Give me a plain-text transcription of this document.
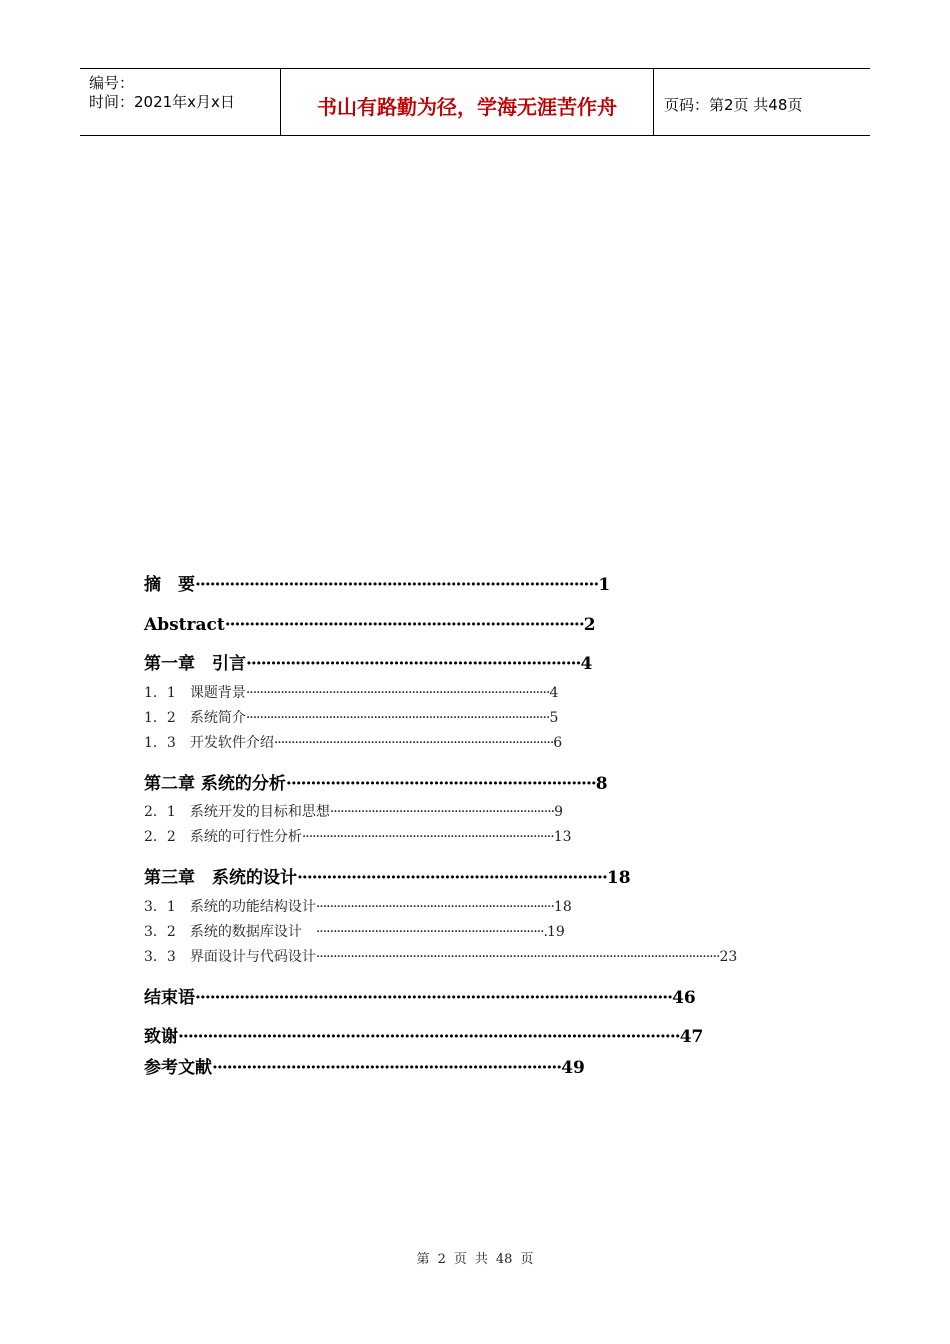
编号：
时间：2021年x月x日	书山有路勤为径，学海无涯苦作舟	页码：第2页 共48页
摘　要··················································································1
Abstract·········································································2
第一章　引言····································································4
1．1　课题背景························································································4
1．2　系统简介························································································5
1．3　开发软件介绍·················································································6
第二章 系统的分析·······························································8
2．1　系统开发的目标和思想·································································9
2．2　系统的可行性分析·········································································13
第三章　系统的设计·······························································18
3．1　系统的功能结构设计·····································································18
3．2　系统的数据库设计　··································································.19
3．3　界面设计与代码设计·····················································································································23
结束语·································································································46
致谢······································································································47
参考文献·······································································49
第 2 页 共 48 页
